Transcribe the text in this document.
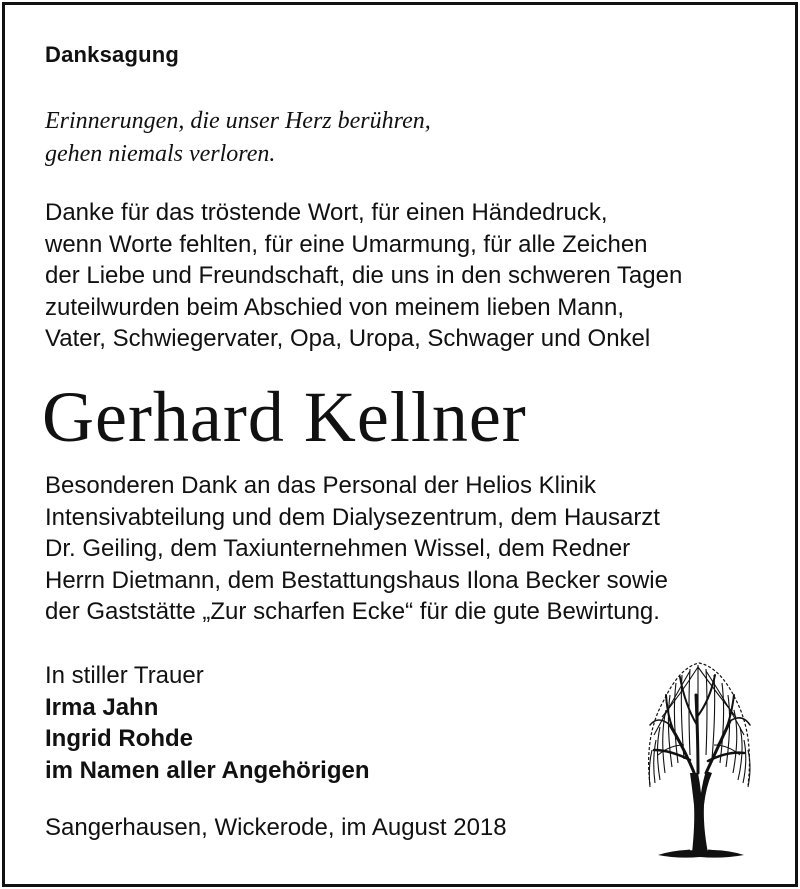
Danksagung
Erinnerungen, die unser Herz berühren,
gehen niemals verloren.
Danke für das tröstende Wort, für einen Händedruck,
wenn Worte fehlten, für eine Umarmung, für alle Zeichen
der Liebe und Freundschaft, die uns in den schweren Tagen
zuteilwurden beim Abschied von meinem lieben Mann,
Vater, Schwiegervater, Opa, Uropa, Schwager und Onkel
Gerhard Kellner
Besonderen Dank an das Personal der Helios Klinik
Intensivabteilung und dem Dialysezentrum, dem Hausarzt
Dr. Geiling, dem Taxiunternehmen Wissel, dem Redner
Herrn Dietmann, dem Bestattungshaus Ilona Becker sowie
der Gaststätte „Zur scharfen Ecke“ für die gute Bewirtung.
In stiller Trauer
Irma Jahn
Ingrid Rohde
im Namen aller Angehörigen
Sangerhausen, Wickerode, im August 2018
